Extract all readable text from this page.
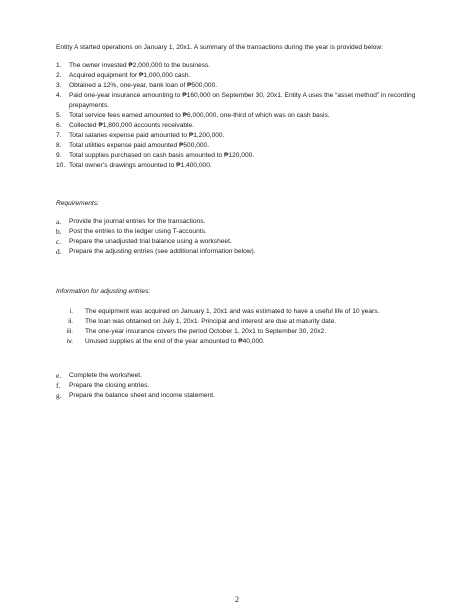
Entity A started operations on January 1, 20x1. A summary of the transactions during the year is provided below:

1.	The owner invested ₱2,000,000 to the business.
2.	Acquired equipment for ₱1,000,000 cash.
3.	Obtained a 12%, one-year, bank loan of ₱500,000.
4.	Paid one-year insurance amounting to ₱160,000 on September 30, 20x1. Entity A uses the “asset method” in recording prepayments.
5.	Total service fees earned amounted to ₱6,000,000, one-third of which was on cash basis.
6.	Collected ₱1,800,000 accounts receivable.
7.	Total salaries expense paid amounted to ₱1,200,000.
8.	Total utilities expense paid amounted ₱500,000.
9.	Total supplies purchased on cash basis amounted to ₱120,000.
10. Total owner’s drawings amounted to ₱1,400,000.

Requirements:

a.	Provide the journal entries for the transactions.
b.	Post the entries to the ledger using T-accounts.
c.	Prepare the unadjusted trial balance using a worksheet.
d.	Prepare the adjusting entries (see additional information below).

Information for adjusting entries:

i. The equipment was acquired on January 1, 20x1 and was estimated to have a useful life of 10 years.
ii. The loan was obtained on July 1, 20x1. Principal and interest are due at maturity date.
iii. The one-year insurance covers the period October 1, 20x1 to September 30, 20x2.
iv. Unused supplies at the end of the year amounted to ₱40,000.
e.	Complete the worksheet.
f.	Prepare the closing entries.
g.	Prepare the balance sheet and income statement.
2
